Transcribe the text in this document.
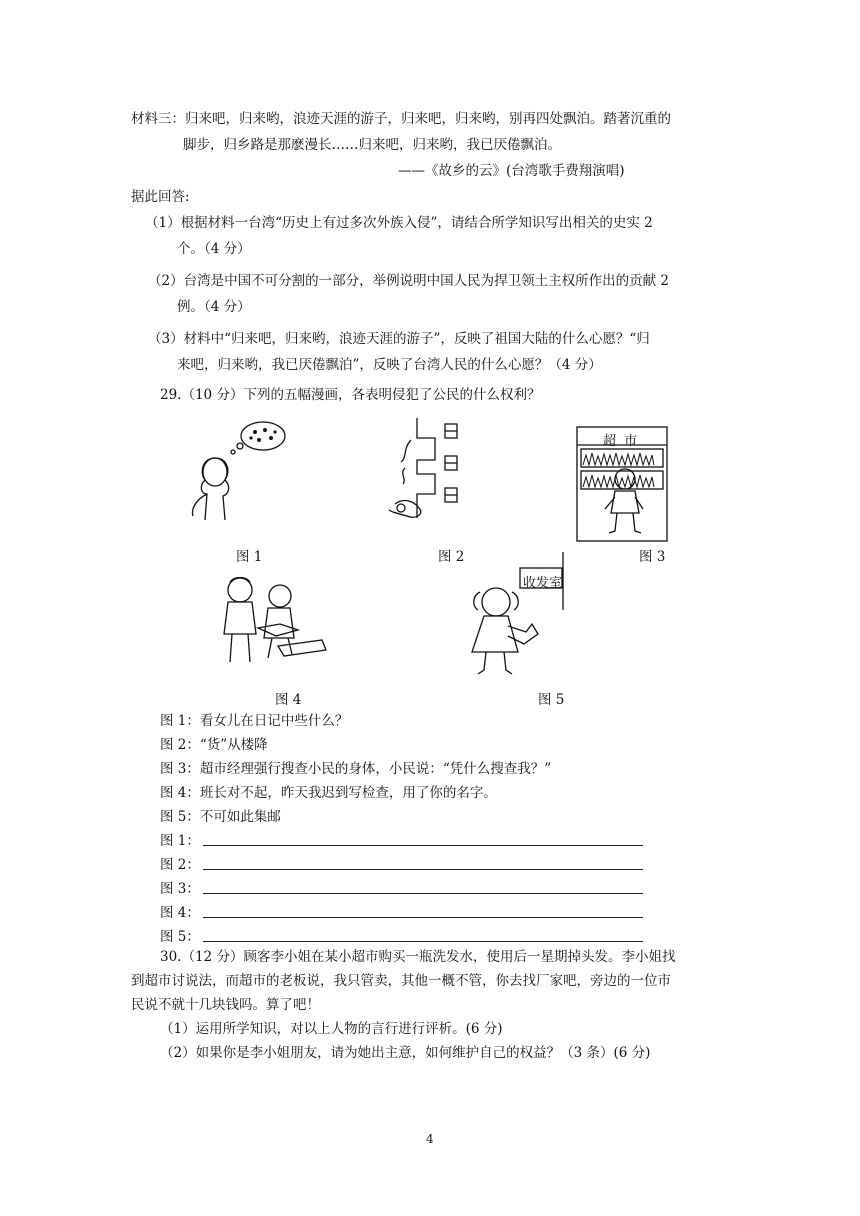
材料三：归来吧，归来哟，浪迹天涯的游子，归来吧，归来哟，别再四处飘泊。踏著沉重的
脚步，归乡路是那麽漫长……归来吧，归来哟，我已厌倦飘泊。
——《故乡的云》(台湾歌手费翔演唱)
据此回答:
（1）根据材料一台湾“历史上有过多次外族入侵”，请结合所学知识写出相关的史实 2
个。（4 分）
（2）台湾是中国不可分割的一部分，举例说明中国人民为捍卫领土主权所作出的贡献 2
例。（4 分）
（3）材料中“归来吧，归来哟，浪迹天涯的游子”，反映了祖国大陆的什么心愿？“归
来吧，归来哟，我已厌倦飘泊”，反映了台湾人民的什么心愿？（4 分）
29.（10 分）下列的五幅漫画，各表明侵犯了公民的什么权利？
图 1	图 2
超 市
图 3
图 4
收发室
图 5
图 1：看女儿在日记中些什么？
图 2：“货”从楼降
图 3：超市经理强行搜查小民的身体，小民说：“凭什么搜查我？”
图 4：班长对不起，昨天我迟到写检查，用了你的名字。
图 5：不可如此集邮
图 1：
图 2：
图 3：
图 4：
图 5：
30.（12 分）顾客李小姐在某小超市购买一瓶洗发水，使用后一星期掉头发。李小姐找
到超市讨说法，而超市的老板说，我只管卖，其他一概不管，你去找厂家吧，旁边的一位市
民说不就十几块钱吗。算了吧！
（1）运用所学知识，对以上人物的言行进行评析。(6 分)
（2）如果你是李小姐朋友，请为她出主意，如何维护自己的权益？（3 条）(6 分)
4
